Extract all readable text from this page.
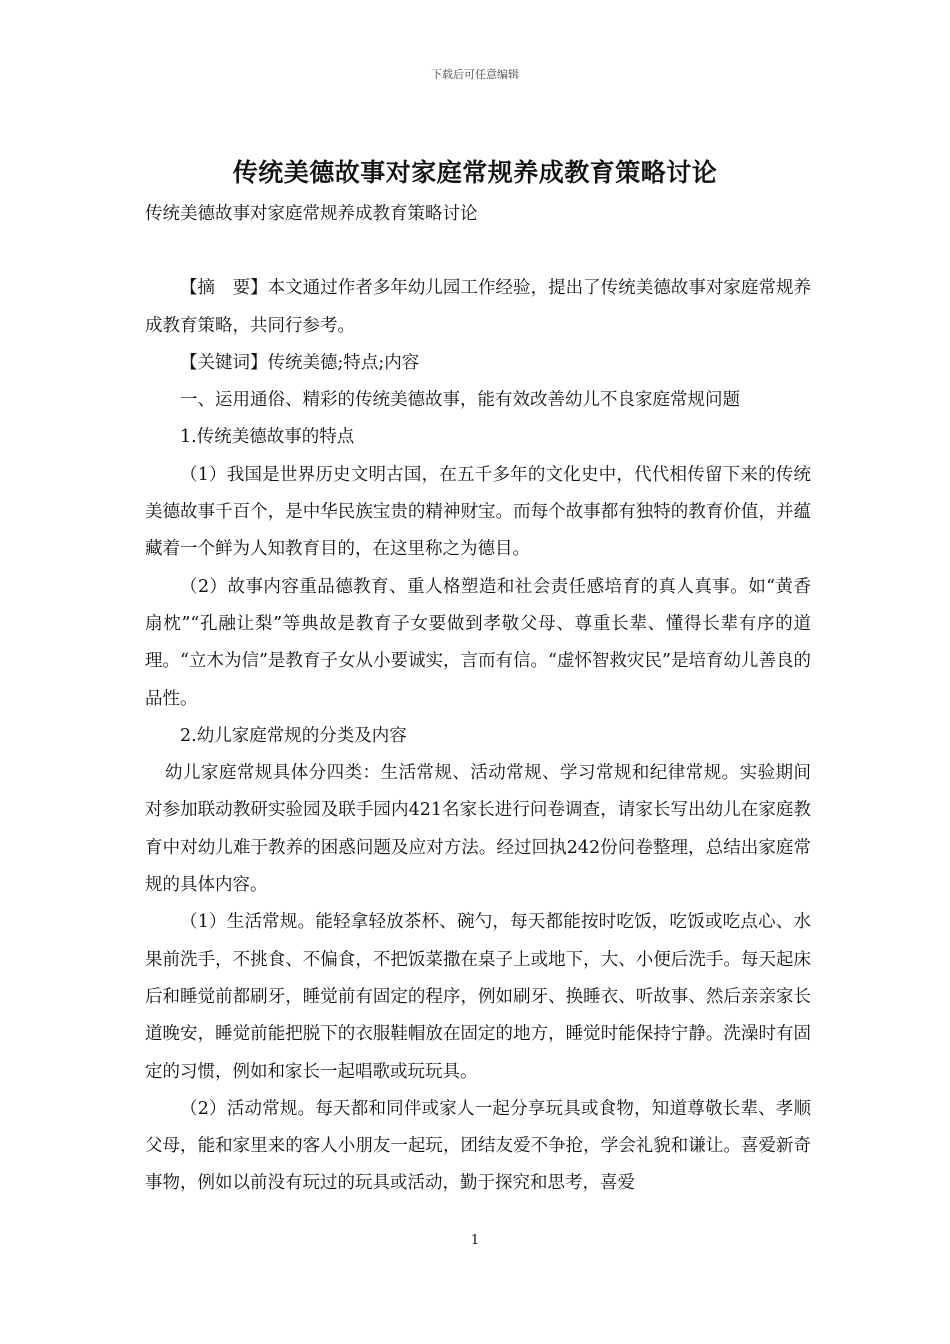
下载后可任意编辑
传统美德故事对家庭常规养成教育策略讨论

传统美德故事对家庭常规养成教育策略讨论

【摘　要】本文通过作者多年幼儿园工作经验，提出了传统美德故事对家庭常规养成教育策略，共同行参考。

【关键词】传统美德;特点;内容

一、运用通俗、精彩的传统美德故事，能有效改善幼儿不良家庭常规问题

1.传统美德故事的特点

（1）我国是世界历史文明古国，在五千多年的文化史中，代代相传留下来的传统美德故事千百个，是中华民族宝贵的精神财宝。而每个故事都有独特的教育价值，并蕴藏着一个鲜为人知教育目的，在这里称之为德目。

（2）故事内容重品德教育、重人格塑造和社会责任感培育的真人真事。如“黄香扇枕”“孔融让梨”等典故是教育子女要做到孝敬父母、尊重长辈、懂得长辈有序的道理。“立木为信”是教育子女从小要诚实，言而有信。“虚怀智救灾民”是培育幼儿善良的品性。

2.幼儿家庭常规的分类及内容

幼儿家庭常规具体分四类：生活常规、活动常规、学习常规和纪律常规。实验期间对参加联动教研实验园及联手园内421名家长进行问卷调查，请家长写出幼儿在家庭教育中对幼儿难于教养的困惑问题及应对方法。经过回执242份问卷整理，总结出家庭常规的具体内容。

（1）生活常规。能轻拿轻放茶杯、碗勺，每天都能按时吃饭，吃饭或吃点心、水果前洗手，不挑食、不偏食，不把饭菜撒在桌子上或地下，大、小便后洗手。每天起床后和睡觉前都刷牙，睡觉前有固定的程序，例如刷牙、换睡衣、听故事、然后亲亲家长道晚安，睡觉前能把脱下的衣服鞋帽放在固定的地方，睡觉时能保持宁静。洗澡时有固定的习惯，例如和家长一起唱歌或玩玩具。

（2）活动常规。每天都和同伴或家人一起分享玩具或食物，知道尊敬长辈、孝顺父母，能和家里来的客人小朋友一起玩，团结友爱不争抢，学会礼貌和谦让。喜爱新奇事物，例如以前没有玩过的玩具或活动，勤于探究和思考，喜爱

1
